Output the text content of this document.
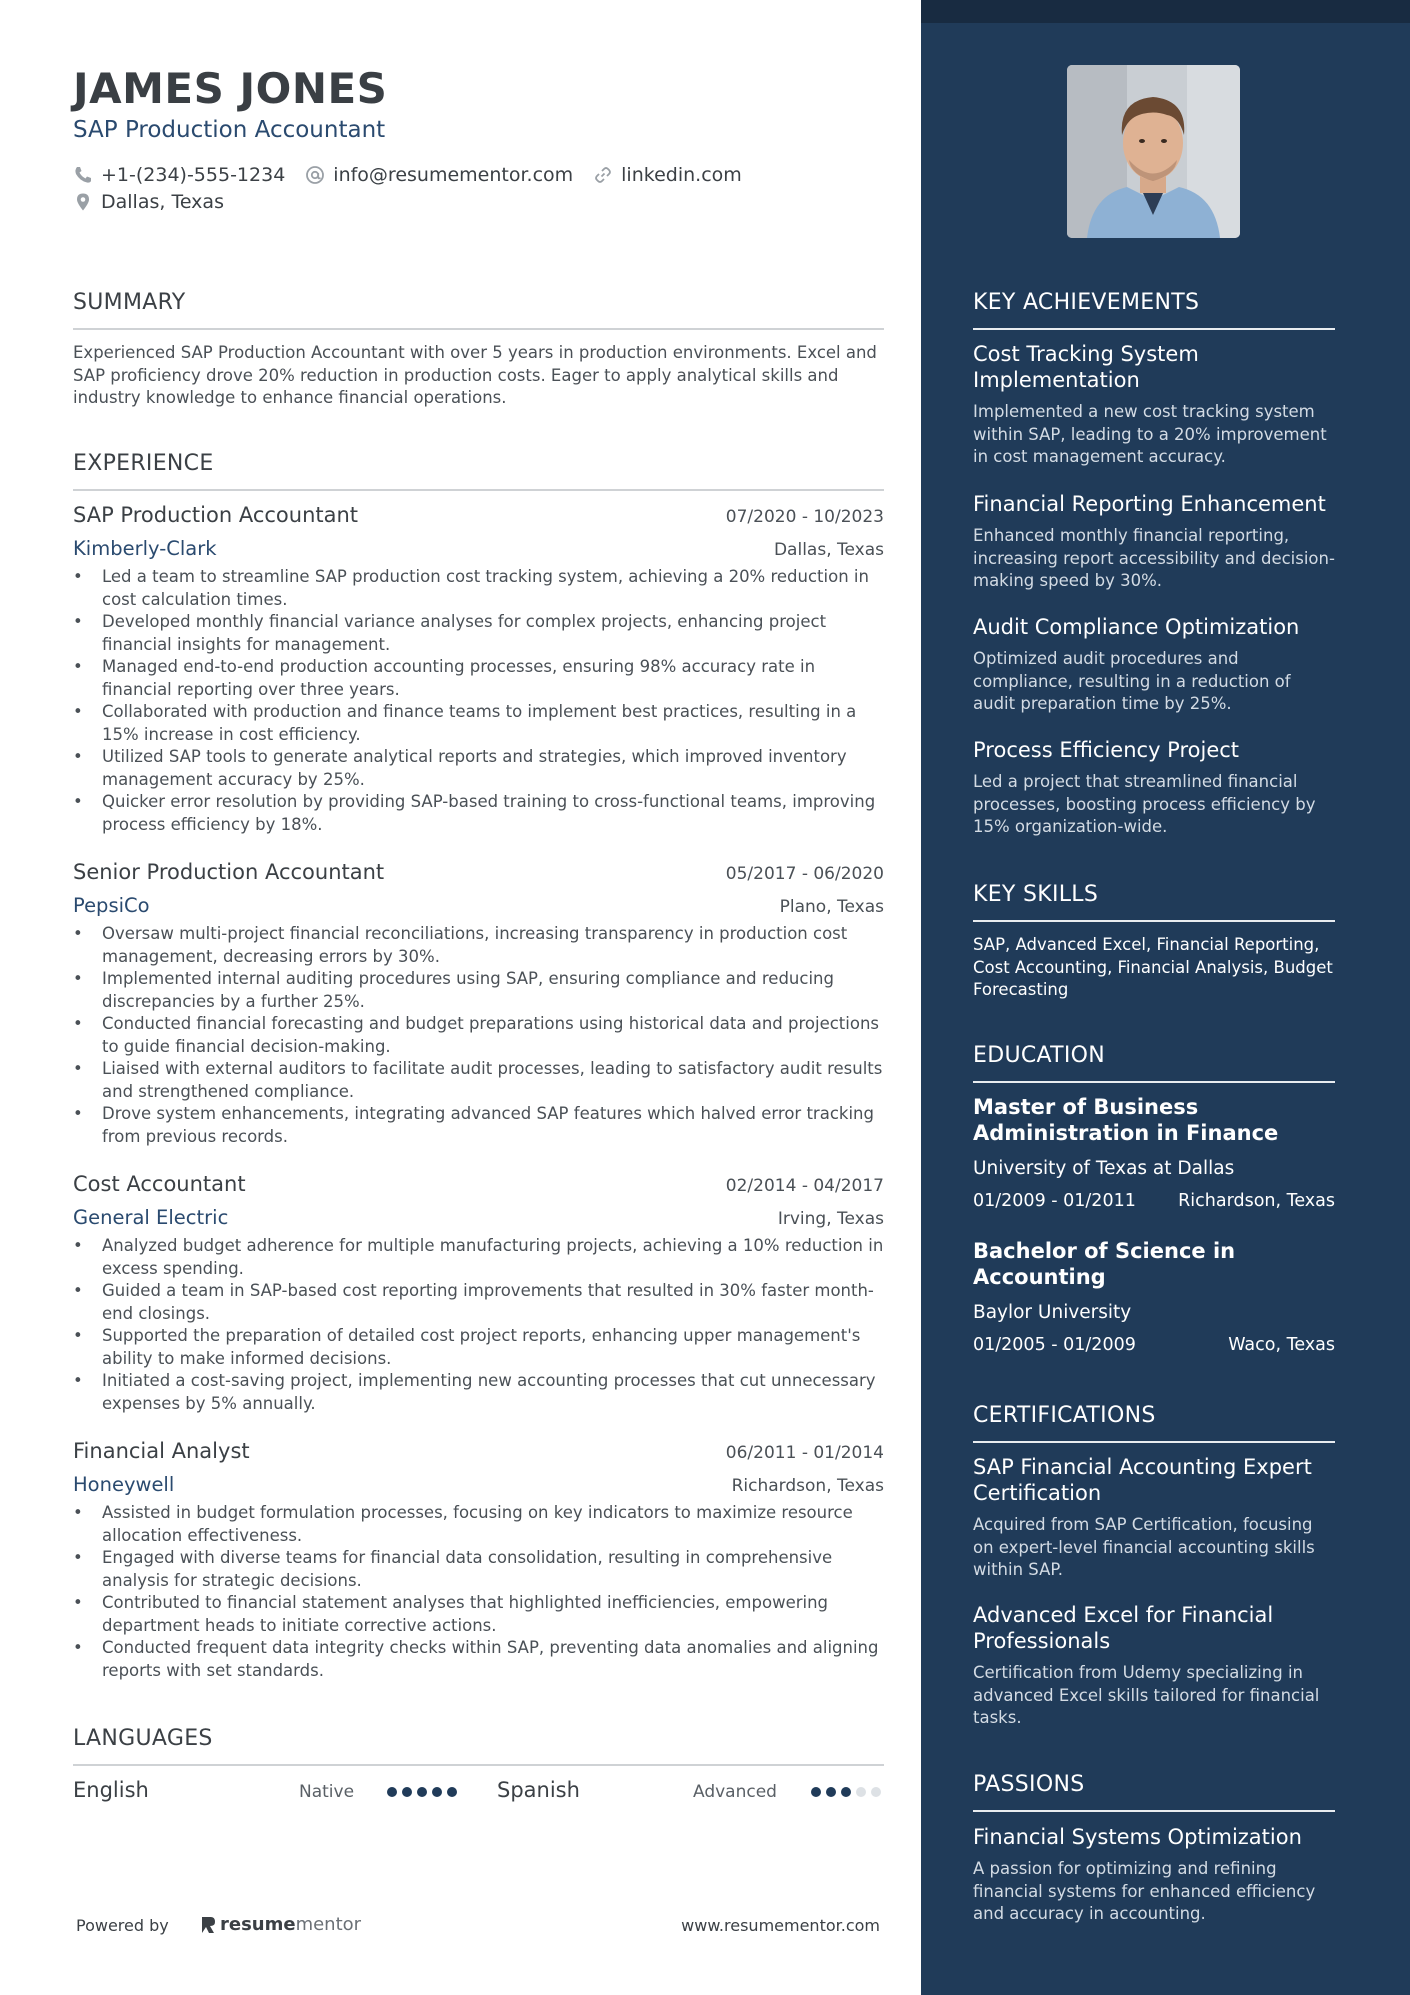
JAMES JONES
SAP Production Accountant
+1-(234)-555-1234	info@resumementor.com	linkedin.com
Dallas, Texas
SUMMARY
Experienced SAP Production Accountant with over 5 years in production environments. Excel and SAP proficiency drove 20% reduction in production costs. Eager to apply analytical skills and industry knowledge to enhance financial operations.
EXPERIENCE
SAP Production Accountant	07/2020 - 10/2023
Kimberly-Clark	Dallas, Texas
• Led a team to streamline SAP production cost tracking system, achieving a 20% reduction in cost calculation times.
• Developed monthly financial variance analyses for complex projects, enhancing project financial insights for management.
• Managed end-to-end production accounting processes, ensuring 98% accuracy rate in financial reporting over three years.
• Collaborated with production and finance teams to implement best practices, resulting in a 15% increase in cost efficiency.
• Utilized SAP tools to generate analytical reports and strategies, which improved inventory management accuracy by 25%.
• Quicker error resolution by providing SAP-based training to cross-functional teams, improving process efficiency by 18%.
Senior Production Accountant	05/2017 - 06/2020
PepsiCo	Plano, Texas
• Oversaw multi-project financial reconciliations, increasing transparency in production cost management, decreasing errors by 30%.
• Implemented internal auditing procedures using SAP, ensuring compliance and reducing discrepancies by a further 25%.
• Conducted financial forecasting and budget preparations using historical data and projections to guide financial decision-making.
• Liaised with external auditors to facilitate audit processes, leading to satisfactory audit results and strengthened compliance.
• Drove system enhancements, integrating advanced SAP features which halved error tracking from previous records.
Cost Accountant	02/2014 - 04/2017
General Electric	Irving, Texas
• Analyzed budget adherence for multiple manufacturing projects, achieving a 10% reduction in excess spending.
• Guided a team in SAP-based cost reporting improvements that resulted in 30% faster month-end closings.
• Supported the preparation of detailed cost project reports, enhancing upper management's ability to make informed decisions.
• Initiated a cost-saving project, implementing new accounting processes that cut unnecessary expenses by 5% annually.
Financial Analyst	06/2011 - 01/2014
Honeywell	Richardson, Texas
• Assisted in budget formulation processes, focusing on key indicators to maximize resource allocation effectiveness.
• Engaged with diverse teams for financial data consolidation, resulting in comprehensive analysis for strategic decisions.
• Contributed to financial statement analyses that highlighted inefficiencies, empowering department heads to initiate corrective actions.
• Conducted frequent data integrity checks within SAP, preventing data anomalies and aligning reports with set standards.
LANGUAGES
English	Native	Spanish	Advanced
Powered by	resume mentor	www.resumementor.com
KEY ACHIEVEMENTS
Cost Tracking System Implementation
Implemented a new cost tracking system within SAP, leading to a 20% improvement in cost management accuracy.
Financial Reporting Enhancement
Enhanced monthly financial reporting, increasing report accessibility and decision-making speed by 30%.
Audit Compliance Optimization
Optimized audit procedures and compliance, resulting in a reduction of audit preparation time by 25%.
Process Efficiency Project
Led a project that streamlined financial processes, boosting process efficiency by 15% organization-wide.
KEY SKILLS
SAP, Advanced Excel, Financial Reporting, Cost Accounting, Financial Analysis, Budget Forecasting
EDUCATION
Master of Business Administration in Finance
University of Texas at Dallas
01/2009 - 01/2011 Richardson, Texas
Bachelor of Science in Accounting
Baylor University
01/2005 - 01/2009	Waco, Texas
CERTIFICATIONS
SAP Financial Accounting Expert Certification
Acquired from SAP Certification, focusing on expert-level financial accounting skills within SAP.
Advanced Excel for Financial Professionals
Certification from Udemy specializing in advanced Excel skills tailored for financial tasks.
PASSIONS
Financial Systems Optimization
A passion for optimizing and refining financial systems for enhanced efficiency and accuracy in accounting.
